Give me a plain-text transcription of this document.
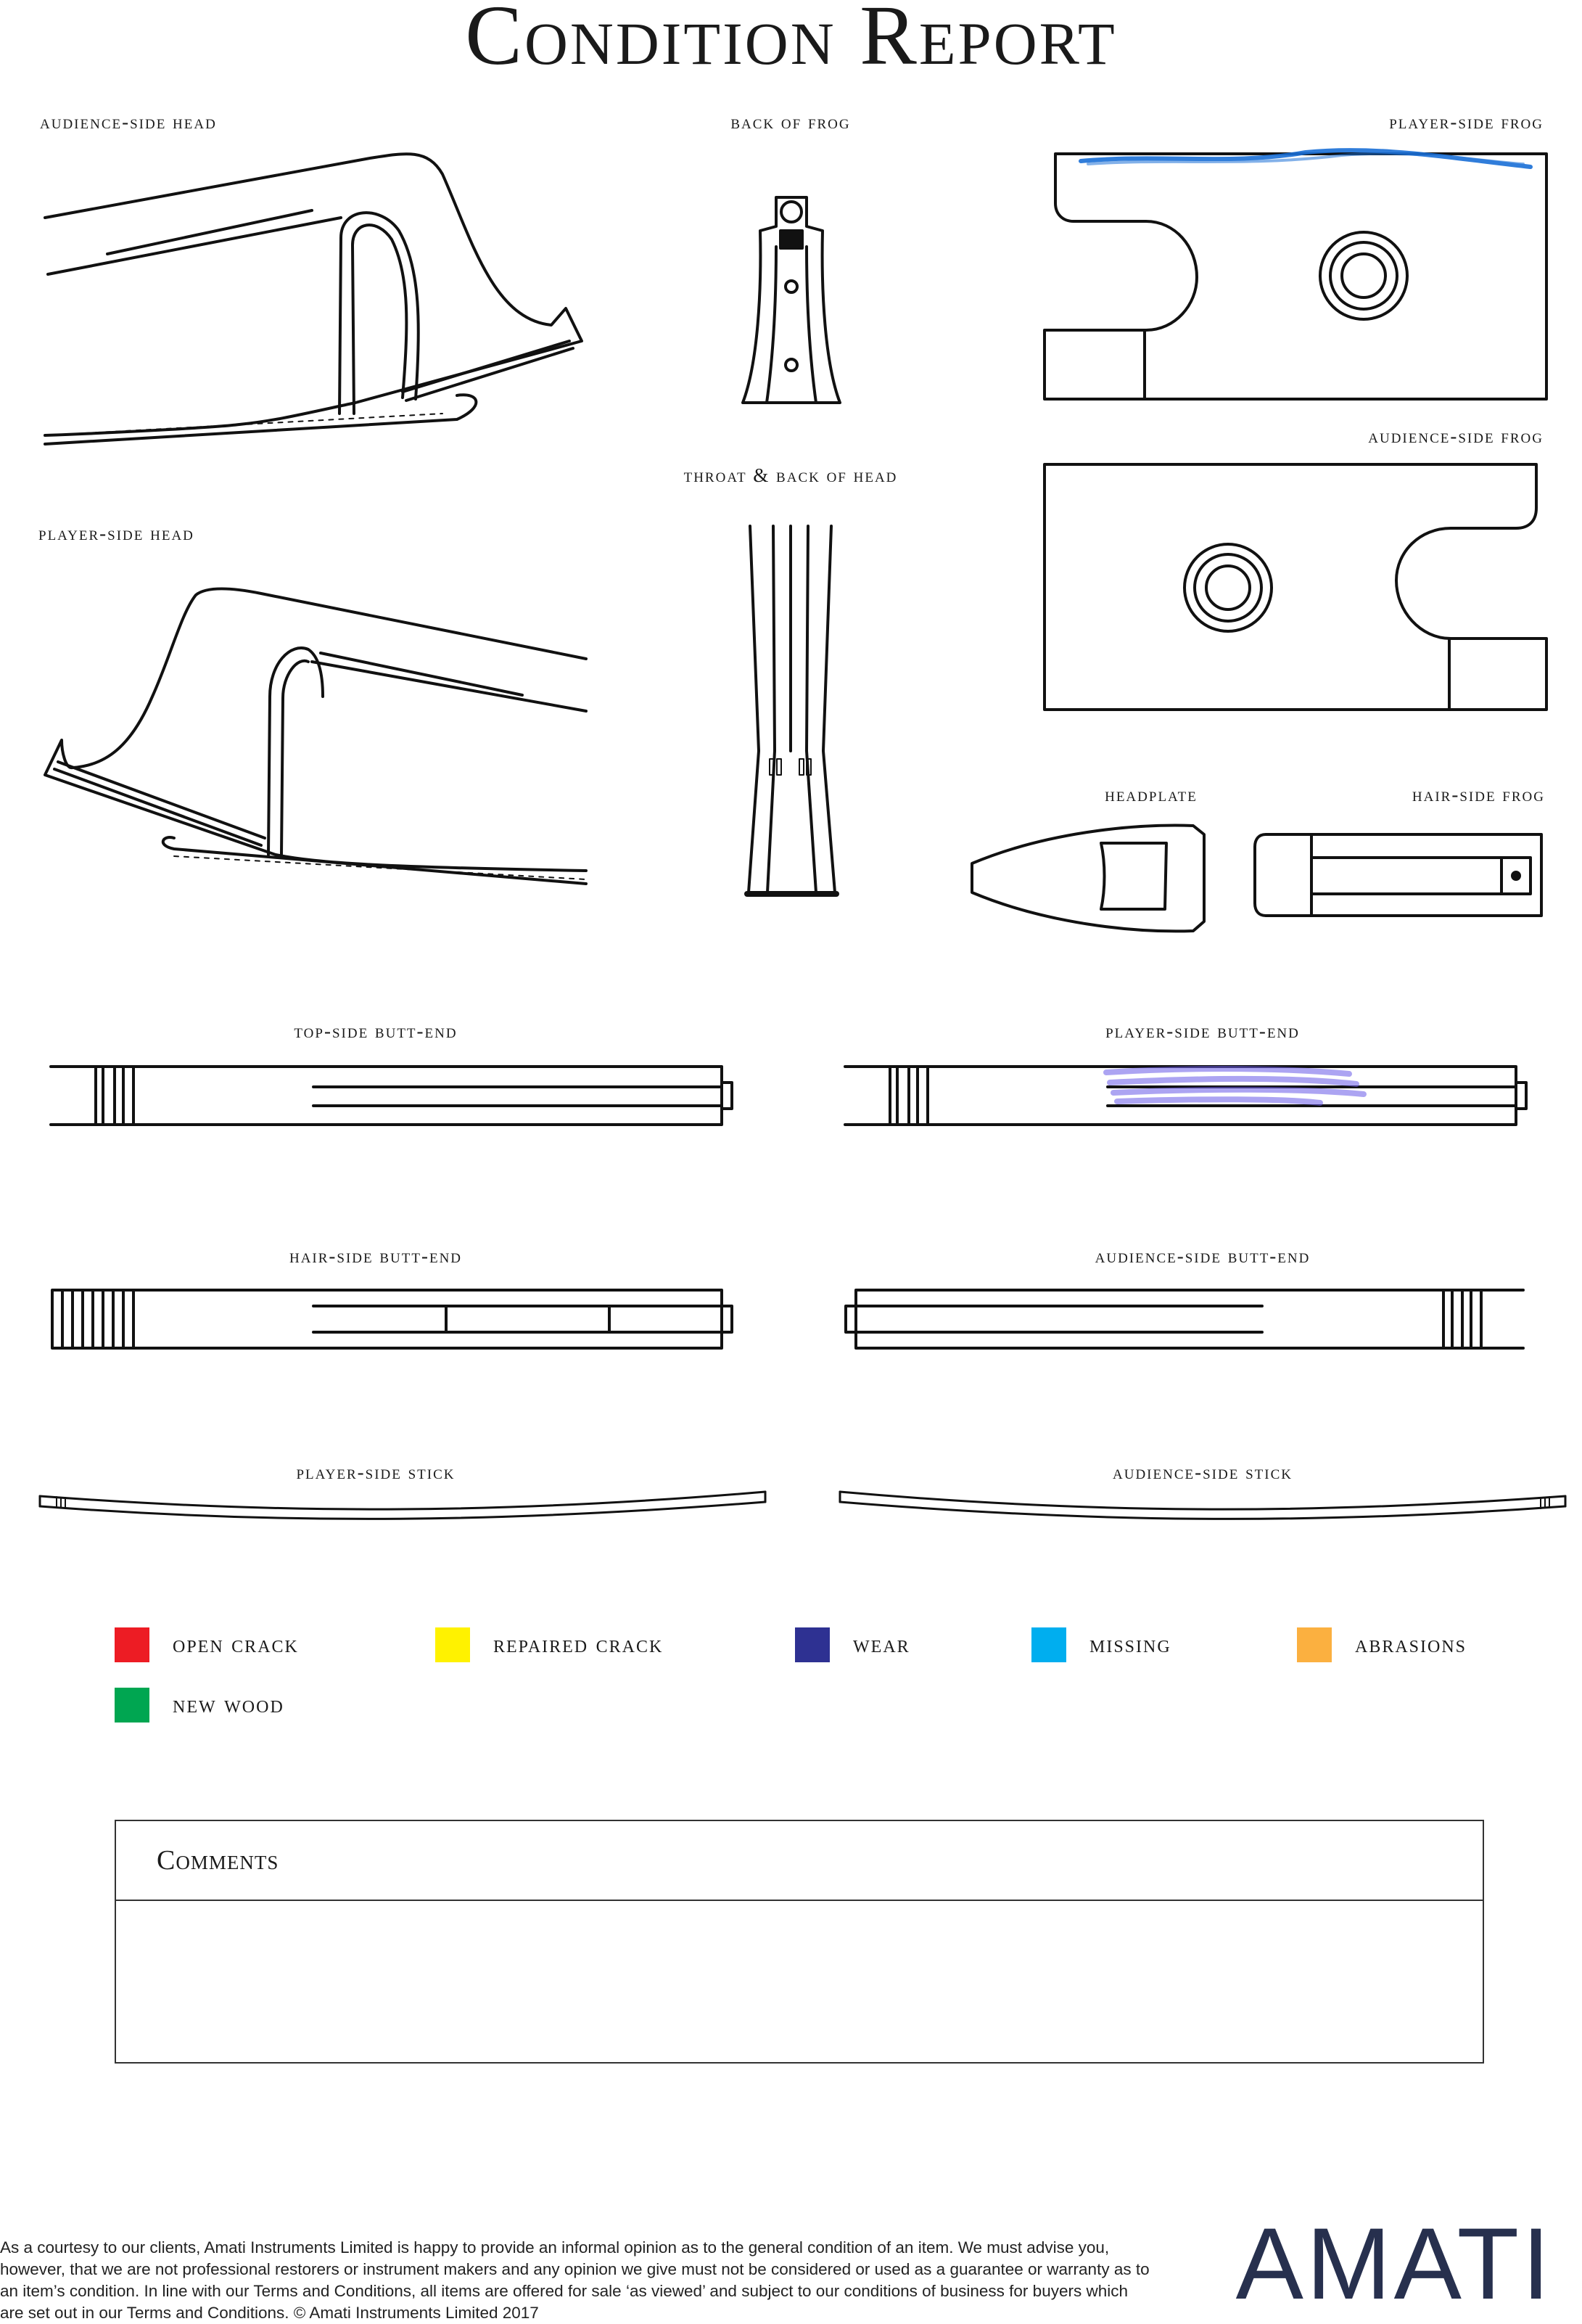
Condition Report
audience-side head	back of frog	player-side frog
audience-side frog
throat & back of head
player-side head
headplate	hair-side frog
top-side butt-end	player-side butt-end
hair-side butt-end	audience-side butt-end
player-side stick	audience-side stick
open crack	repaired crack	wear	missing	abrasions
new wood
Comments
As a courtesy to our clients, Amati Instruments Limited is happy to provide an informal opinion as to the general condition of an item. We must advise you, however, that we are not professional restorers or instrument makers and any opinion we give must not be considered or used as a guarantee or warranty as to an item’s condition. In line with our Terms and Conditions, all items are offered for sale ‘as viewed’ and subject to our conditions of business for buyers which are set out in our Terms and Conditions. © Amati Instruments Limited 2017	AMATI
